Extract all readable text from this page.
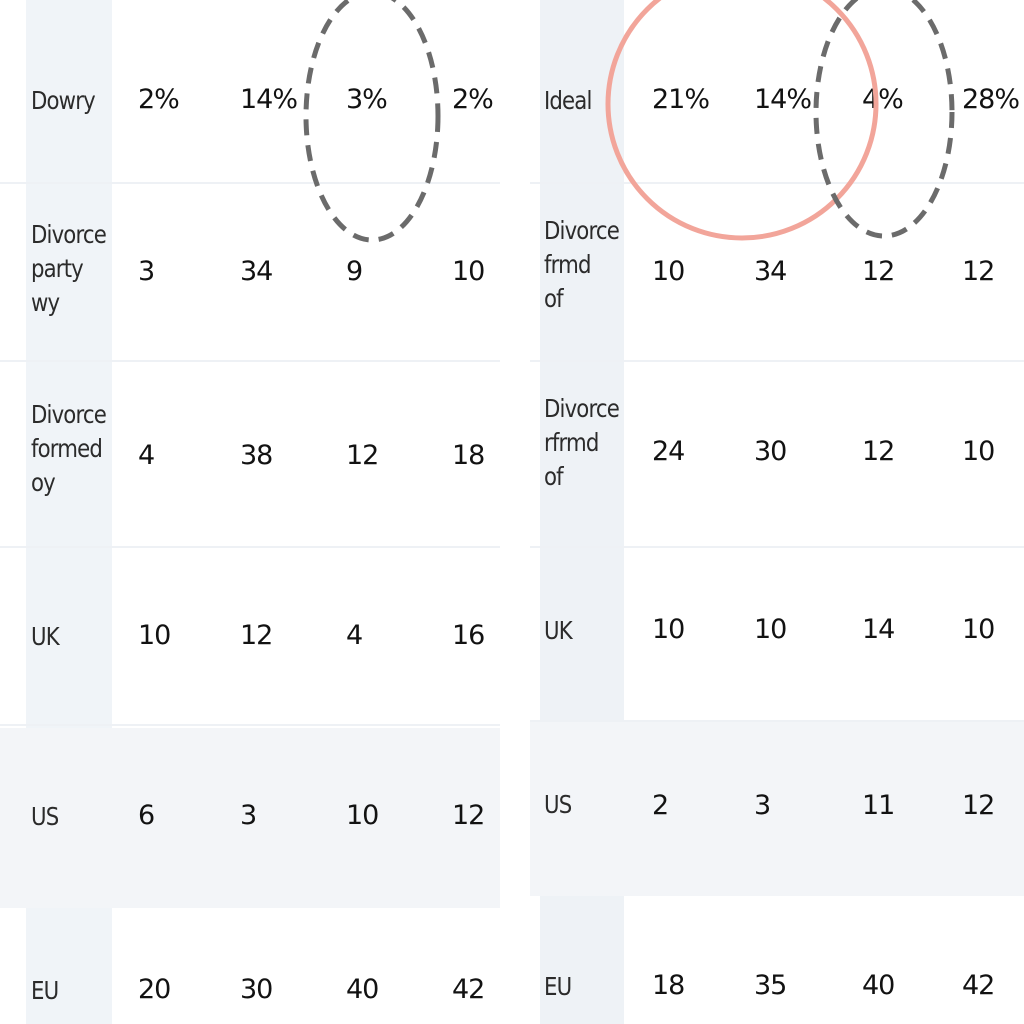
Dowry	2% 14% 3% 2%
Divorce
party
wy
3	34	9	10
Divorce
formed
oy
4	38	12	18
UK	10	12	4	16
US	6	3	10	12
EU	20	30	40	42
Ideal	21% 14% 4% 28%
Divorce
frmd
of
10	34	12	12
Divorce
rfrmd
of
24	30	12	10
UK	10	10	14	10
US	2	3	11	12
EU	18	35	40	42
